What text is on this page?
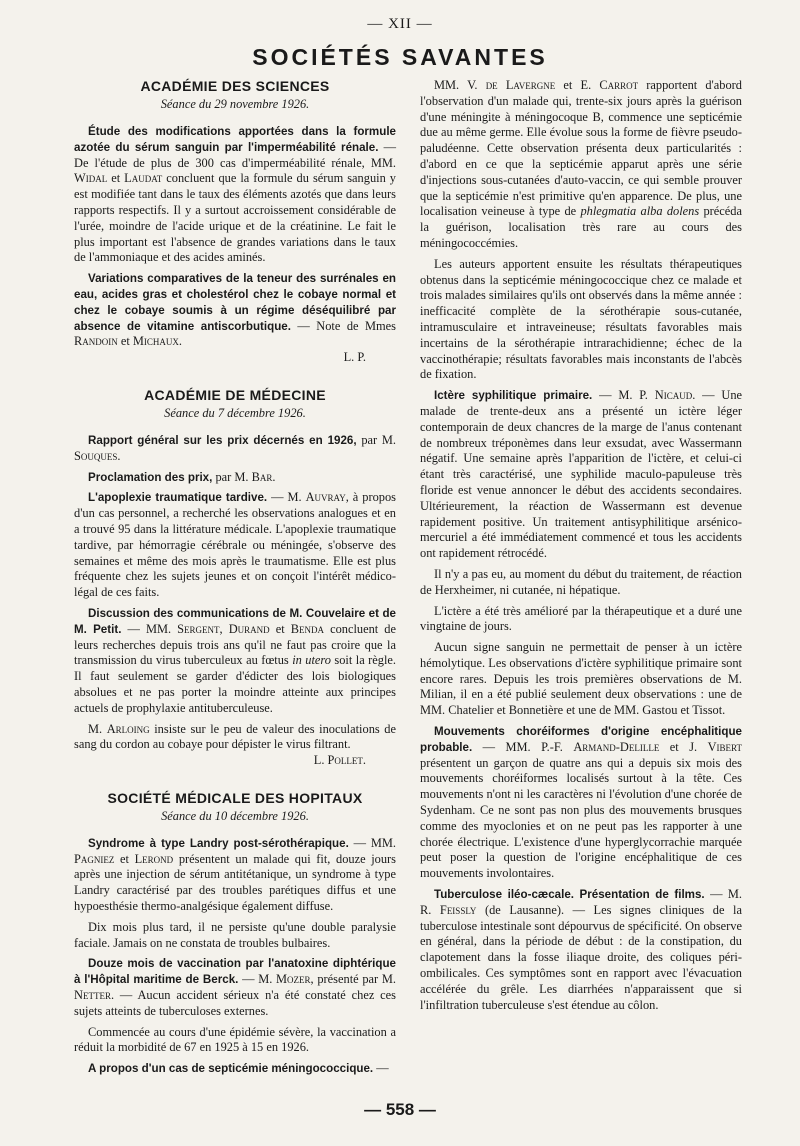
— XII —
SOCIÉTÉS SAVANTES
ACADÉMIE DES SCIENCES
Séance du 29 novembre 1926.

Étude des modifications apportées dans la formule azotée du sérum sanguin par l'imperméabilité rénale. — De l'étude de plus de 300 cas d'imperméabilité rénale, MM. Widal et Laudat concluent que la formule du sérum sanguin y est modifiée tant dans le taux des éléments azotés que dans leurs rapports respectifs. Il y a surtout accroissement considérable de l'urée, moindre de l'acide urique et de la créatinine. Le fait le plus important est l'absence de grandes variations dans le taux de l'ammoniaque et des acides aminés.

Variations comparatives de la teneur des surrénales en eau, acides gras et cholestérol chez le cobaye normal et chez le cobaye soumis à un régime déséquilibré par absence de vitamine antiscorbutique. — Note de Mmes Randoin et Michaux.
L. P.

ACADÉMIE DE MÉDECINE
Séance du 7 décembre 1926.

Rapport général sur les prix décernés en 1926, par M. Souques.

Proclamation des prix, par M. Bar.

L'apoplexie traumatique tardive. — M. Auvray, à propos d'un cas personnel, a recherché les observations analogues et en a trouvé 95 dans la littérature médicale. L'apoplexie traumatique tardive, par hémorragie cérébrale ou méningée, s'observe des semaines et même des mois après le traumatisme. Elle est plus fréquente chez les sujets jeunes et on conçoit l'intérêt médico-légal de ces faits.

Discussion des communications de M. Couvelaire et de M. Petit. — MM. Sergent, Durand et Benda concluent de leurs recherches depuis trois ans qu'il ne faut pas croire que la transmission du virus tuberculeux au fœtus in utero soit la règle. Il faut seulement se garder d'édicter des lois biologiques absolues et ne pas porter la moindre atteinte aux principes actuels de prophylaxie antituberculeuse.

M. Arloing insiste sur le peu de valeur des inoculations de sang du cordon au cobaye pour dépister le virus filtrant.
L. Pollet.

SOCIÉTÉ MÉDICALE DES HOPITAUX
Séance du 10 décembre 1926.

Syndrome à type Landry post-sérothérapique. — MM. Pagniez et Lerond présentent un malade qui fit, douze jours après une injection de sérum antitétanique, un syndrome à type Landry caractérisé par des troubles parétiques diffus et une hypoesthésie thermo-analgésique également diffuse.

Dix mois plus tard, il ne persiste qu'une double paralysie faciale. Jamais on ne constata de troubles bulbaires.

Douze mois de vaccination par l'anatoxine diphtérique à l'Hôpital maritime de Berck. — M. Mozer, présenté par M. Netter. — Aucun accident sérieux n'a été constaté chez ces sujets atteints de tuberculoses externes.

Commencée au cours d'une épidémie sévère, la vaccination a réduit la morbidité de 67 en 1925 à 15 en 1926.

A propos d'un cas de septicémie méningococcique. —

MM. V. de Lavergne et E. Carrot rapportent d'abord l'observation d'un malade qui, trente-six jours après la guérison d'une méningite à méningocoque B, commence une septicémie due au même germe. Elle évolue sous la forme de fièvre pseudo-paludéenne. Cette observation présenta deux particularités : d'abord en ce que la septicémie apparut après une série d'injections sous-cutanées d'auto-vaccin, ce qui semble prouver que la septicémie n'est primitive qu'en apparence. De plus, une localisation veineuse à type de phlegmatia alba dolens précéda la guérison, localisation très rare au cours des méningococcémies.

Les auteurs apportent ensuite les résultats thérapeutiques obtenus dans la septicémie méningococcique chez ce malade et trois malades similaires qu'ils ont observés dans la même année : inefficacité complète de la sérothérapie sous-cutanée, intramusculaire et intraveineuse; résultats favorables mais incertains de la sérothérapie intrarachidienne; échec de la vaccinothérapie; résultats favorables mais inconstants de l'abcès de fixation.

Ictère syphilitique primaire. — M. P. Nicaud. — Une malade de trente-deux ans a présenté un ictère léger contemporain de deux chancres de la marge de l'anus contenant de nombreux tréponèmes dans leur exsudat, avec Wassermann négatif. Une semaine après l'apparition de l'ictère, et celui-ci étant très caractérisé, une syphilide maculo-papuleuse très floride est venue annoncer le début des accidents secondaires. Ultérieurement, la réaction de Wassermann est devenue rapidement positive. Un traitement antisyphilitique arsénico-mercuriel a été immédiatement commencé et tous les accidents ont rapidement rétrocédé.

Il n'y a pas eu, au moment du début du traitement, de réaction de Herxheimer, ni cutanée, ni hépatique.

L'ictère a été très amélioré par la thérapeutique et a duré une vingtaine de jours.

Aucun signe sanguin ne permettait de penser à un ictère hémolytique. Les observations d'ictère syphilitique primaire sont encore rares. Depuis les trois premières observations de M. Milian, il en a été publié seulement deux observations : une de MM. Chatelier et Bonnetière et une de MM. Gastou et Tissot.

Mouvements choréiformes d'origine encéphalitique probable. — MM. P.-F. Armand-Delille et J. Vibert présentent un garçon de quatre ans qui a depuis six mois des mouvements choréiformes localisés surtout à la tête. Ces mouvements n'ont ni les caractères ni l'évolution d'une chorée de Sydenham. Ce ne sont pas non plus des mouvements brusques comme des myoclonies et on ne peut pas les rapporter à une chorée électrique. L'existence d'une hyperglycorrachie marquée peut poser la question de l'origine encéphalitique de ces mouvements involontaires.

Tuberculose iléo-cæcale. Présentation de films. — M. R. Feissly (de Lausanne). — Les signes cliniques de la tuberculose intestinale sont dépourvus de spécificité. On observe en général, dans la période de début : de la constipation, du clapotement dans la fosse iliaque droite, des coliques péri-ombilicales. Ces symptômes sont en rapport avec l'évacuation accélérée du grêle. Les diarrhées n'apparaissent que si l'infiltration tuberculeuse s'est étendue au côlon.

— 558 —
